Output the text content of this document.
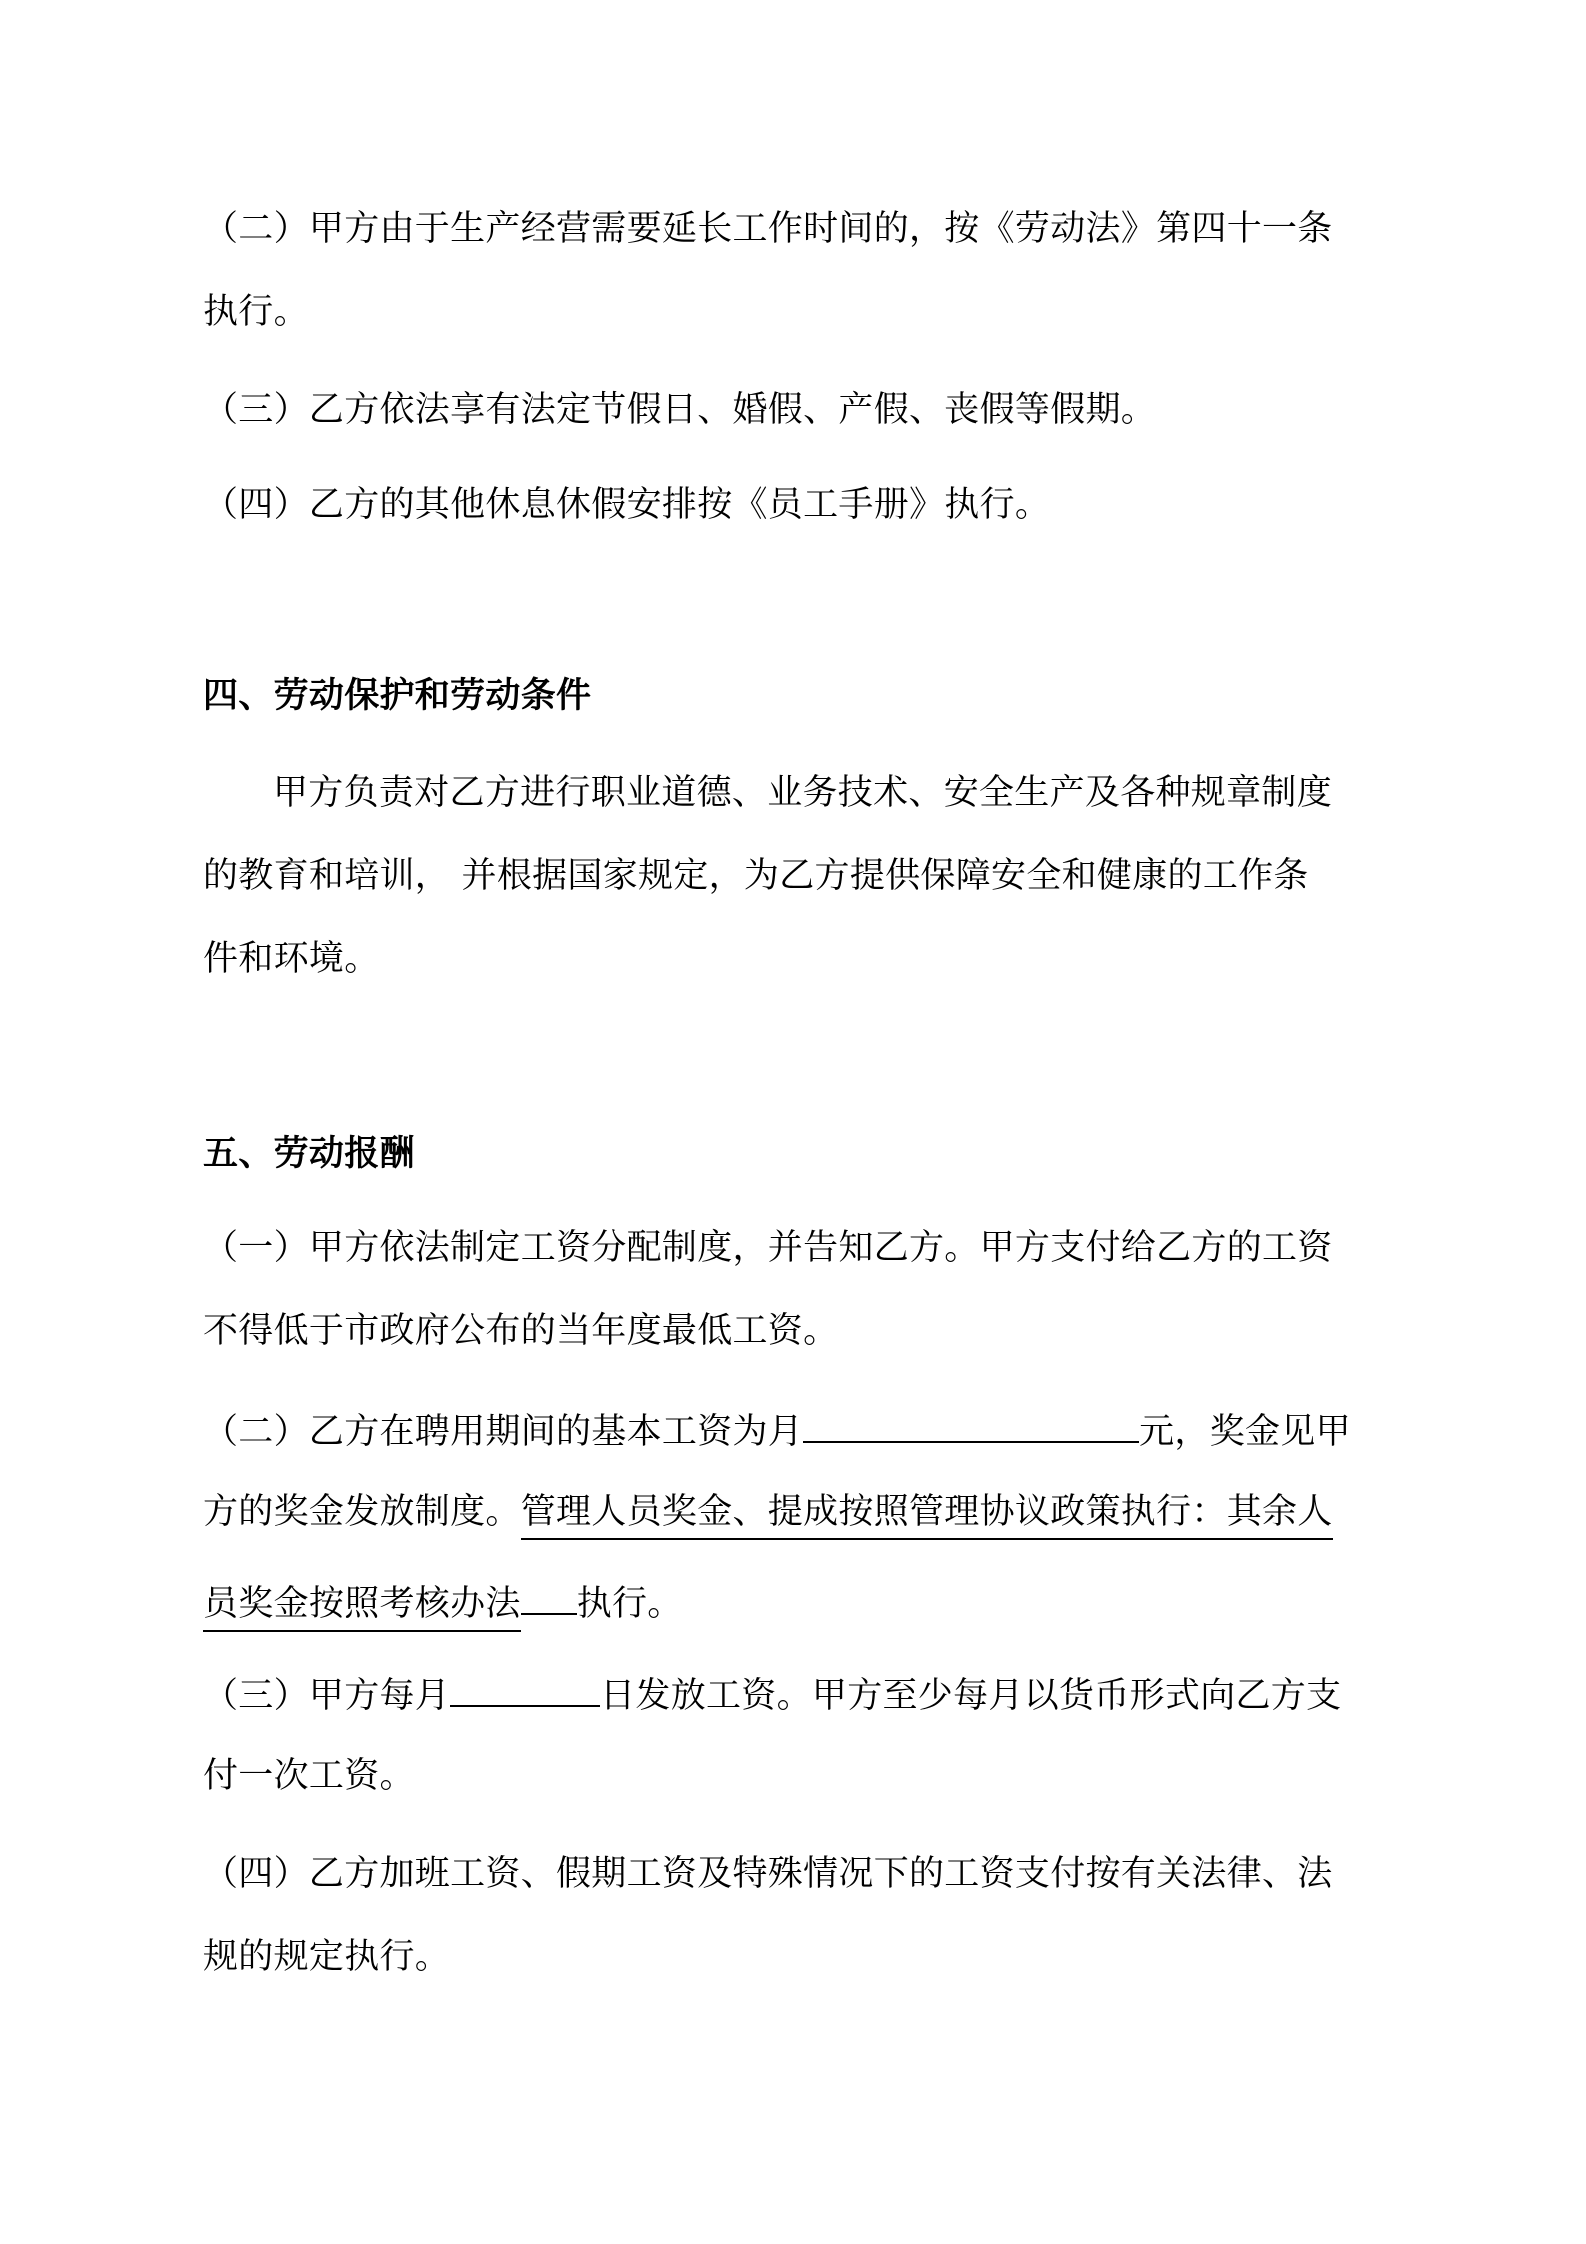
（二）甲方由于生产经营需要延长工作时间的，按《劳动法》第四十一条
执行。
（三）乙方依法享有法定节假日、婚假、产假、丧假等假期。
（四）乙方的其他休息休假安排按《员工手册》执行。
四、劳动保护和劳动条件
甲方负责对乙方进行职业道德、业务技术、安全生产及各种规章制度
的教育和培训， 并根据国家规定，为乙方提供保障安全和健康的工作条
件和环境。
五、劳动报酬
（一）甲方依法制定工资分配制度，并告知乙方。甲方支付给乙方的工资
不得低于市政府公布的当年度最低工资。
（二）乙方在聘用期间的基本工资为月	元，奖金见甲
方的奖金发放制度。管理人员奖金、提成按照管理协议政策执行：其余人
员奖金按照考核办法 执行。
（三）甲方每月	日发放工资。甲方至少每月以货币形式向乙方支
付一次工资。
（四）乙方加班工资、假期工资及特殊情况下的工资支付按有关法律、法
规的规定执行。
